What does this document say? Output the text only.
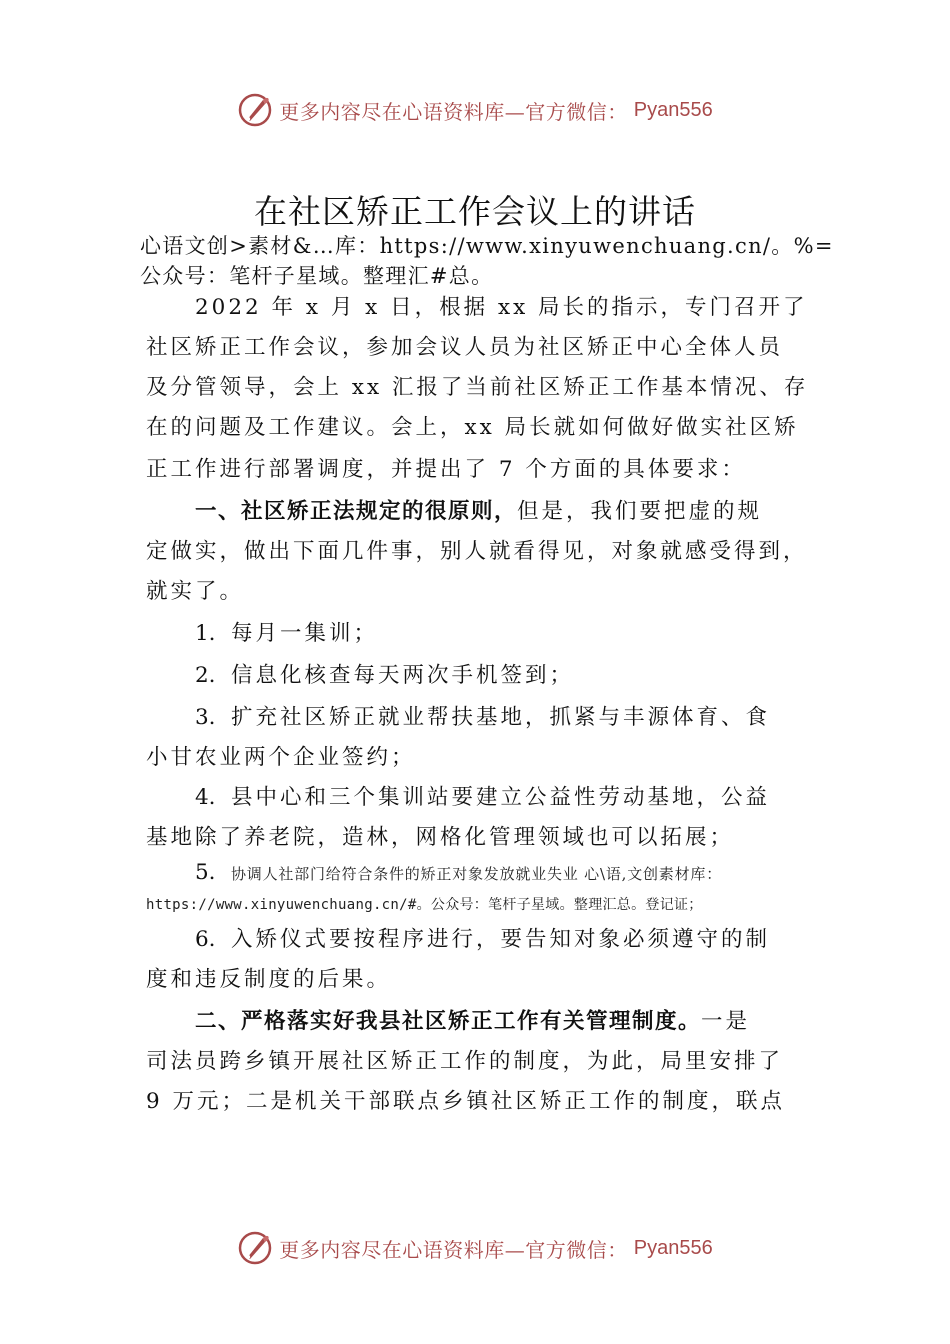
更多内容尽在心语资料库—官方微信： Pyan556
在社区矫正工作会议上的讲话
心语文创>素材&…库：https://www.xinyuwenchuang.cn/。%=
公众号：笔杆子星域。整理汇#总。
2022 年 x 月 x 日，根据 xx 局长的指示，专门召开了
社区矫正工作会议，参加会议人员为社区矫正中心全体人员
及分管领导，会上 xx 汇报了当前社区矫正工作基本情况、存
在的问题及工作建议。会上，xx 局长就如何做好做实社区矫
正工作进行部署调度，并提出了 7 个方面的具体要求：
一、社区矫正法规定的很原则，但是，我们要把虚的规
定做实，做出下面几件事，别人就看得见，对象就感受得到，
就实了。
1. 每月一集训；
2. 信息化核查每天两次手机签到；
3. 扩充社区矫正就业帮扶基地，抓紧与丰源体育、食
小甘农业两个企业签约；
4. 县中心和三个集训站要建立公益性劳动基地，公益
基地除了养老院，造林，网格化管理领域也可以拓展；
5. 协调人社部门给符合条件的矫正对象发放就业失业 心\语,文创素材库：
https://www.xinyuwenchuang.cn/#。公众号：笔杆子星域。整理汇总。登记证；
6. 入矫仪式要按程序进行，要告知对象必须遵守的制
度和违反制度的后果。
二、严格落实好我县社区矫正工作有关管理制度。一是
司法员跨乡镇开展社区矫正工作的制度，为此，局里安排了
9 万元；二是机关干部联点乡镇社区矫正工作的制度，联点
更多内容尽在心语资料库—官方微信： Pyan556
